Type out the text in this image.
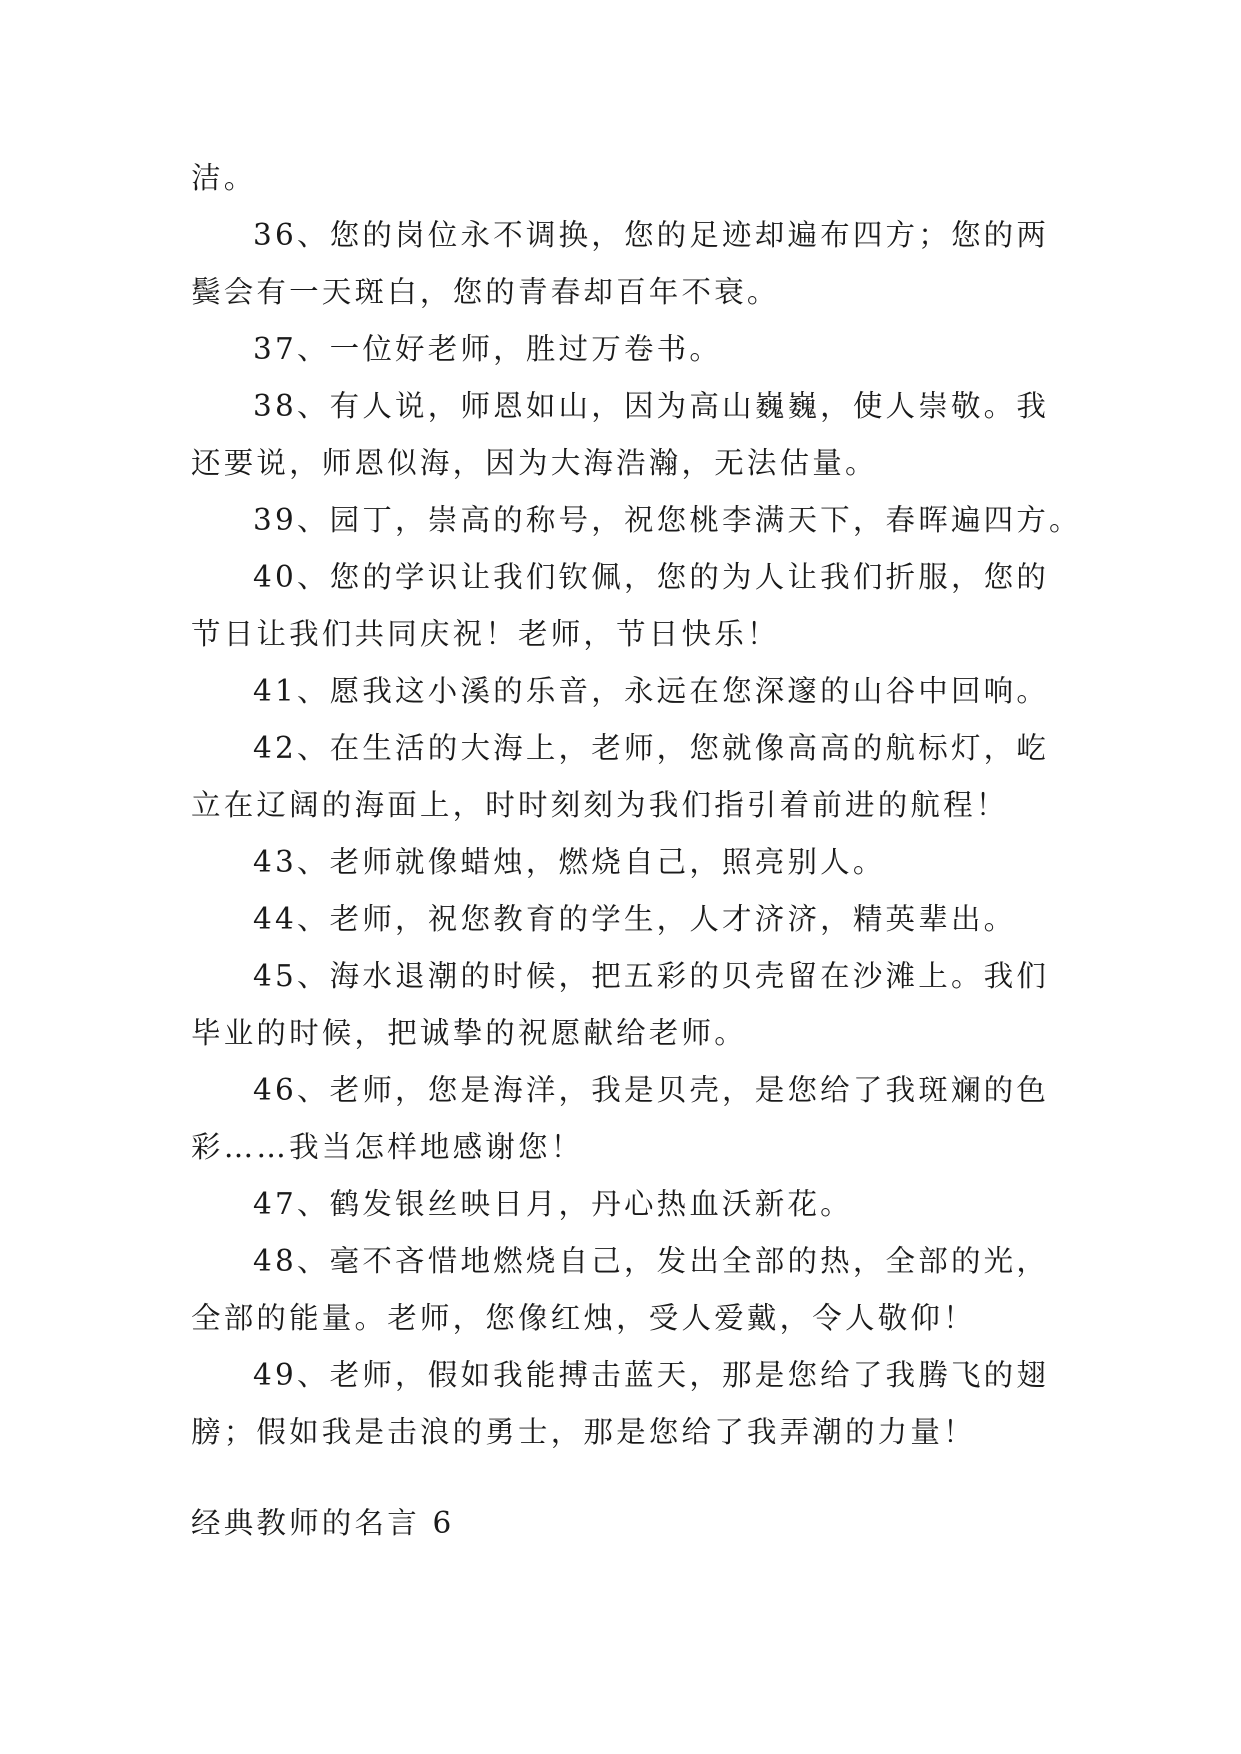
洁。
36、您的岗位永不调换，您的足迹却遍布四方；您的两
鬓会有一天斑白，您的青春却百年不衰。
37、一位好老师，胜过万卷书。
38、有人说，师恩如山，因为高山巍巍，使人崇敬。我
还要说，师恩似海，因为大海浩瀚，无法估量。
39、园丁，崇高的称号，祝您桃李满天下，春晖遍四方。
40、您的学识让我们钦佩，您的为人让我们折服，您的
节日让我们共同庆祝！老师，节日快乐！
41、愿我这小溪的乐音，永远在您深邃的山谷中回响。
42、在生活的大海上，老师，您就像高高的航标灯，屹
立在辽阔的海面上，时时刻刻为我们指引着前进的航程！
43、老师就像蜡烛，燃烧自己，照亮别人。
44、老师，祝您教育的学生，人才济济，精英辈出。
45、海水退潮的时候，把五彩的贝壳留在沙滩上。我们
毕业的时候，把诚挚的祝愿献给老师。
46、老师，您是海洋，我是贝壳，是您给了我斑斓的色
彩……我当怎样地感谢您！
47、鹤发银丝映日月，丹心热血沃新花。
48、毫不吝惜地燃烧自己，发出全部的热，全部的光，
全部的能量。老师，您像红烛，受人爱戴，令人敬仰！
49、老师，假如我能搏击蓝天，那是您给了我腾飞的翅
膀；假如我是击浪的勇士，那是您给了我弄潮的力量！
经典教师的名言 6
